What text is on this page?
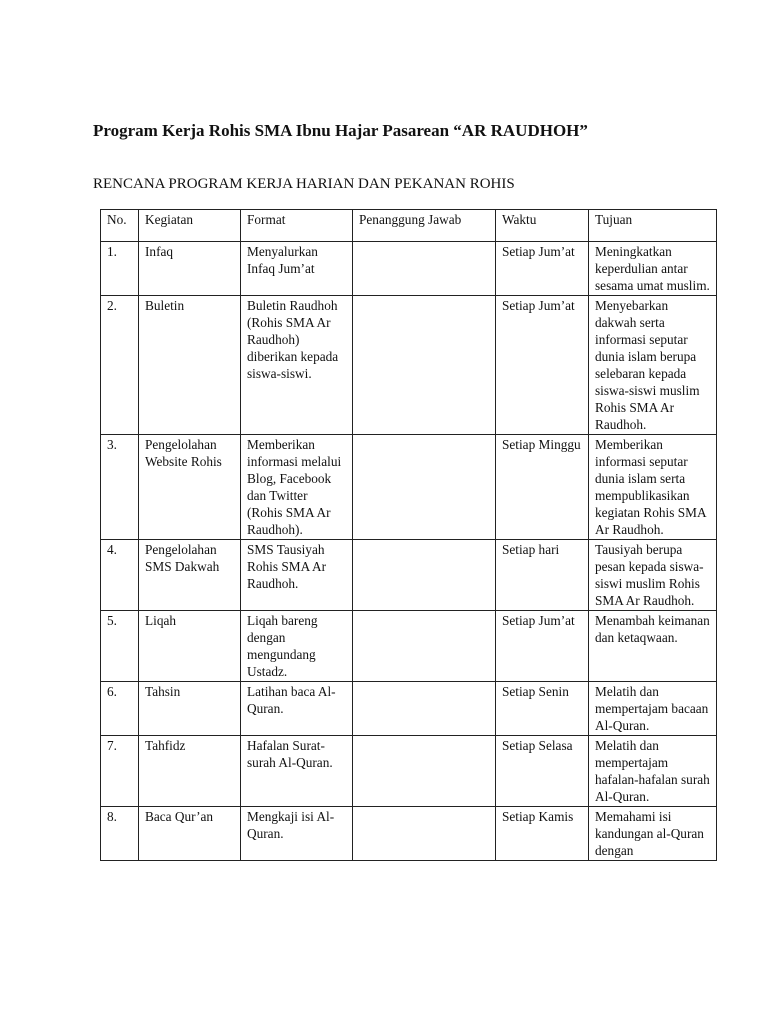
Program Kerja Rohis SMA Ibnu Hajar Pasarean “AR RAUDHOH”

RENCANA PROGRAM KERJA HARIAN DAN PEKANAN ROHIS

No.	Kegiatan	Format	Penanggung Jawab	Waktu	Tujuan
1.	Infaq	Menyalurkan Infaq Jum’at		Setiap Jum’at	Meningkatkan keperdulian antar sesama umat muslim.
2.	Buletin	Buletin Raudhoh (Rohis SMA Ar Raudhoh) diberikan kepada siswa-siswi.		Setiap Jum’at	Menyebarkan dakwah serta informasi seputar dunia islam berupa selebaran kepada siswa-siswi muslim Rohis SMA Ar Raudhoh.
3.	Pengelolahan Website Rohis	Memberikan informasi melalui Blog, Facebook dan Twitter (Rohis SMA Ar Raudhoh).		Setiap Minggu	Memberikan informasi seputar dunia islam serta mempublikasikan kegiatan Rohis SMA Ar Raudhoh.
4.	Pengelolahan SMS Dakwah	SMS Tausiyah Rohis SMA Ar Raudhoh.		Setiap hari	Tausiyah berupa pesan kepada siswa-siswi muslim Rohis SMA Ar Raudhoh.
5.	Liqah	Liqah bareng dengan mengundang Ustadz.		Setiap Jum’at	Menambah keimanan dan ketaqwaan.
6.	Tahsin	Latihan baca Al-Quran.		Setiap Senin	Melatih dan mempertajam bacaan Al-Quran.
7.	Tahfidz	Hafalan Surat-surah Al-Quran.		Setiap Selasa	Melatih dan mempertajam hafalan-hafalan surah Al-Quran.
8.	Baca Qur’an	Mengkaji isi Al-Quran.		Setiap Kamis	Memahami isi kandungan al-Quran dengan
